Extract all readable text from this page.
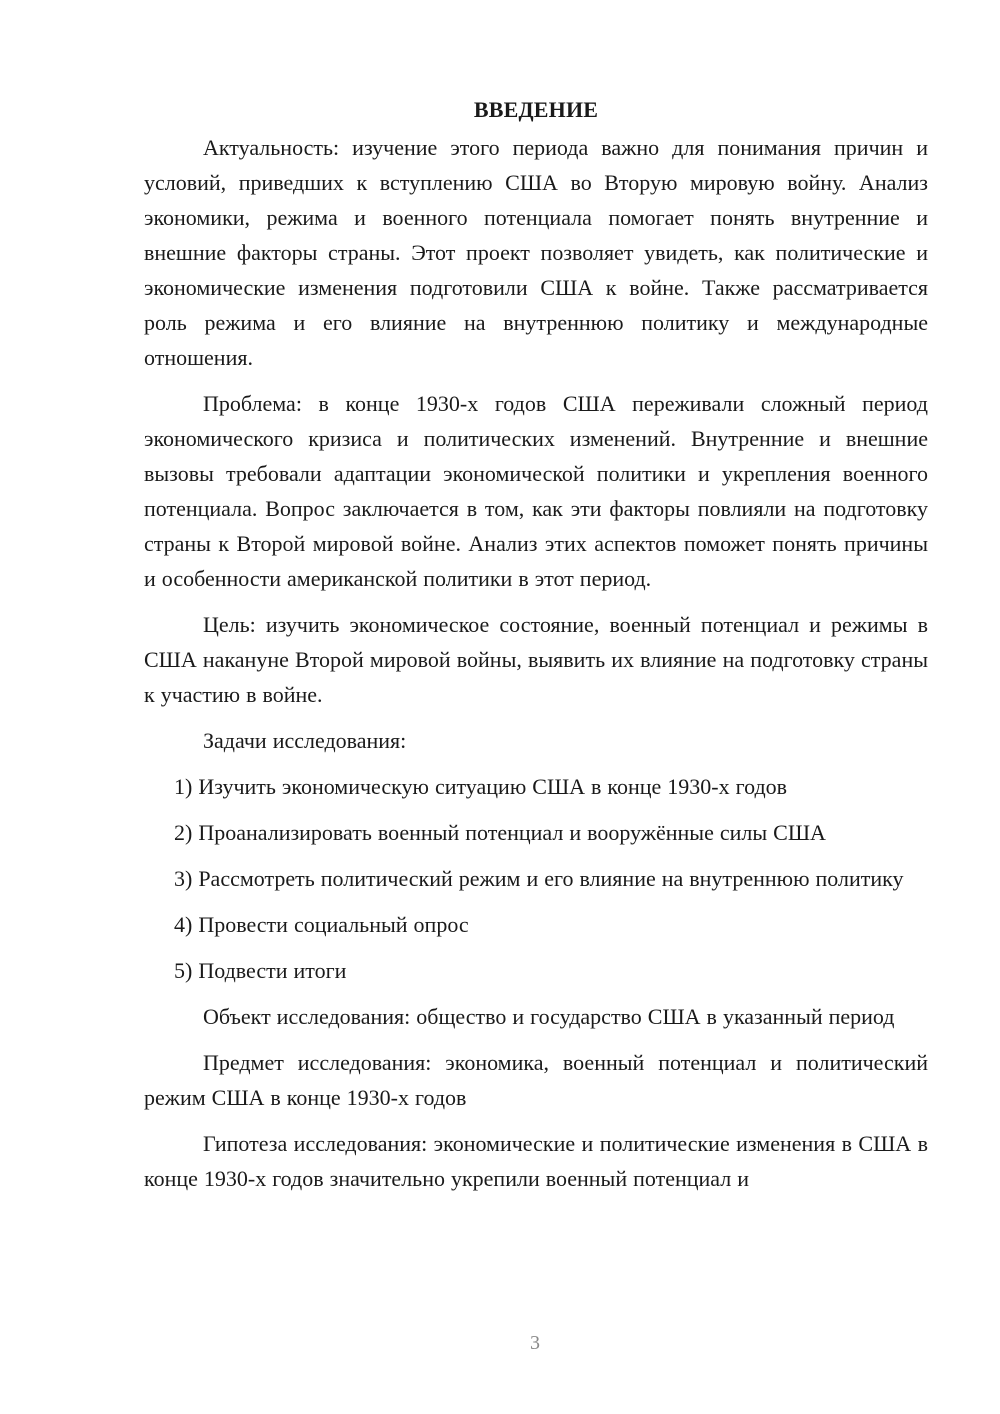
ВВЕДЕНИЕ

Актуальность: изучение этого периода важно для понимания причин и условий, приведших к вступлению США во Вторую мировую войну. Анализ экономики, режима и военного потенциала помогает понять внутренние и внешние факторы страны. Этот проект позволяет увидеть, как политические и экономические изменения подготовили США к войне. Также рассматривается роль режима и его влияние на внутреннюю политику и международные отношения.

Проблема: в конце 1930-х годов США переживали сложный период экономического кризиса и политических изменений. Внутренние и внешние вызовы требовали адаптации экономической политики и укрепления военного потенциала. Вопрос заключается в том, как эти факторы повлияли на подготовку страны к Второй мировой войне. Анализ этих аспектов поможет понять причины и особенности американской политики в этот период.

Цель: изучить экономическое состояние, военный потенциал и режимы в США накануне Второй мировой войны, выявить их влияние на подготовку страны к участию в войне.

Задачи исследования:

1) Изучить экономическую ситуацию США в конце 1930-х годов

2) Проанализировать военный потенциал и вооружённые силы США

3) Рассмотреть политический режим и его влияние на внутреннюю политику

4) Провести социальный опрос

5) Подвести итоги

Объект исследования: общество и государство США в указанный период

Предмет исследования: экономика, военный потенциал и политический режим США в конце 1930-х годов

Гипотеза исследования: экономические и политические изменения в США в конце 1930-х годов значительно укрепили военный потенциал и

3
